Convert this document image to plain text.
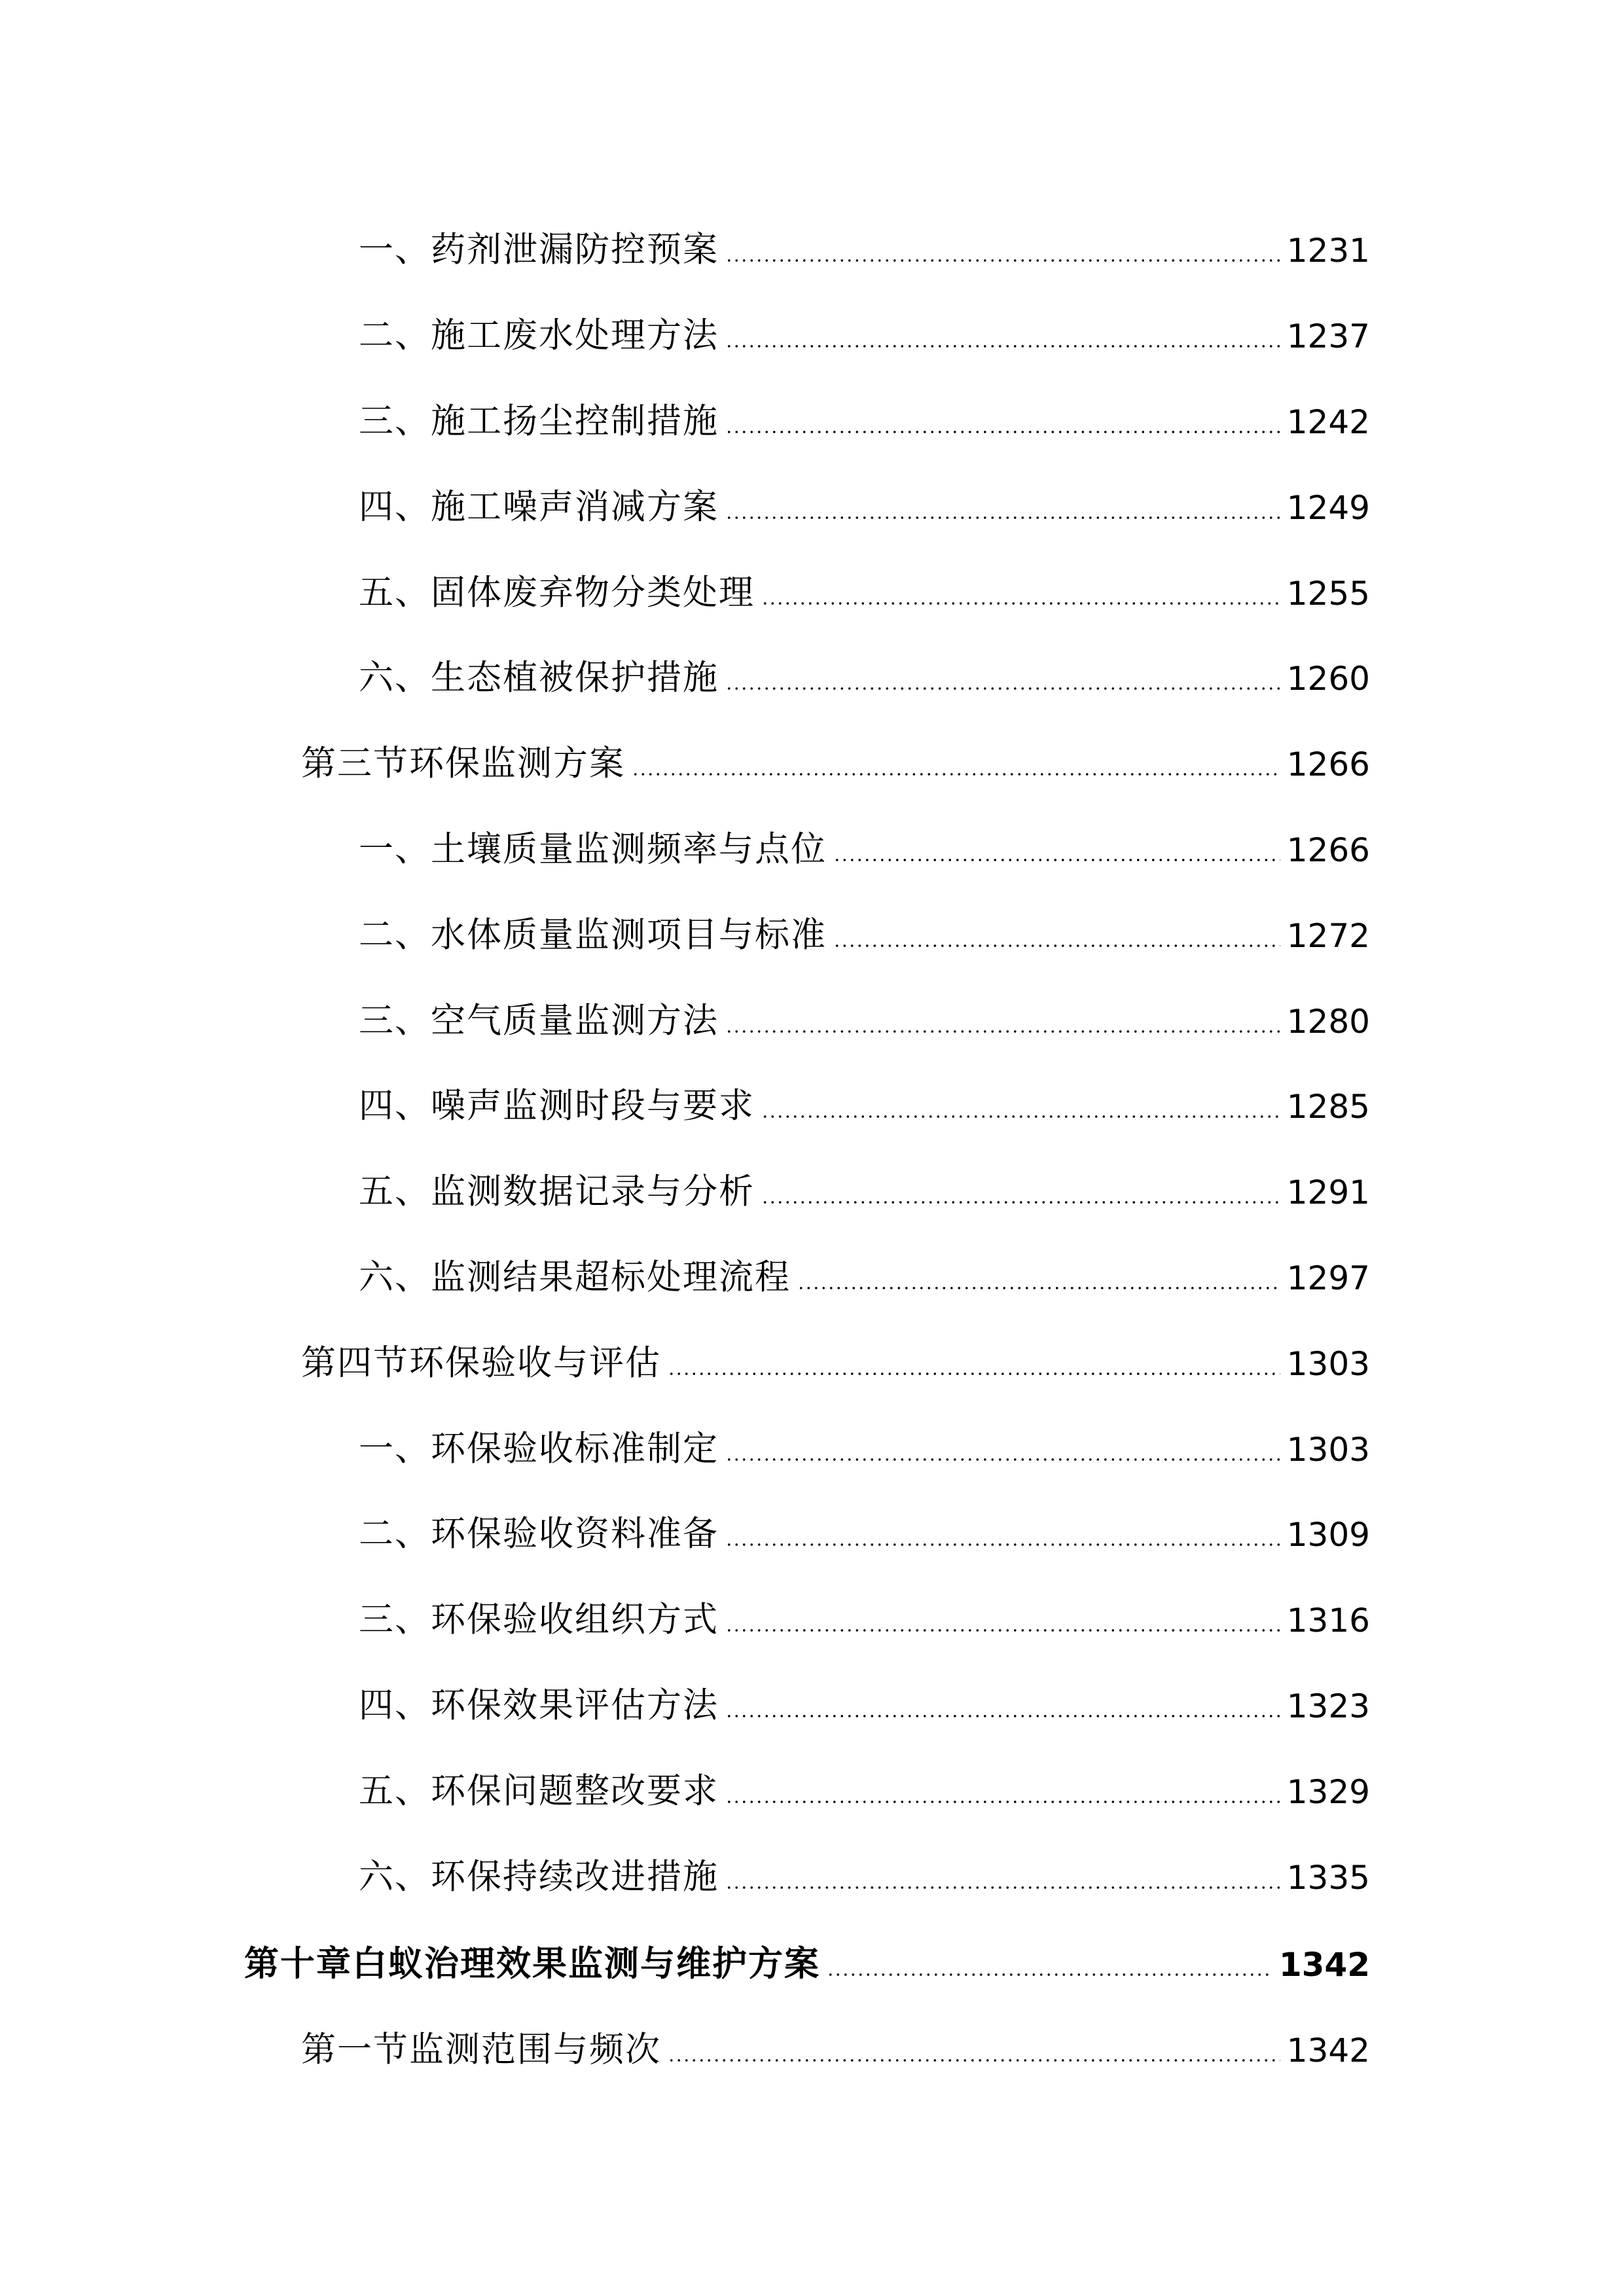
一、药剂泄漏防控预案	1231
二、施工废水处理方法	1237
三、施工扬尘控制措施	1242
四、施工噪声消减方案	1249
五、固体废弃物分类处理	1255
六、生态植被保护措施	1260
第三节环保监测方案	1266
一、土壤质量监测频率与点位	1266
二、水体质量监测项目与标准	1272
三、空气质量监测方法	1280
四、噪声监测时段与要求	1285
五、监测数据记录与分析	1291
六、监测结果超标处理流程	1297
第四节环保验收与评估	1303
一、环保验收标准制定	1303
二、环保验收资料准备	1309
三、环保验收组织方式	1316
四、环保效果评估方法	1323
五、环保问题整改要求	1329
六、环保持续改进措施	1335
第十章白蚁治理效果监测与维护方案	1342
第一节监测范围与频次	1342
